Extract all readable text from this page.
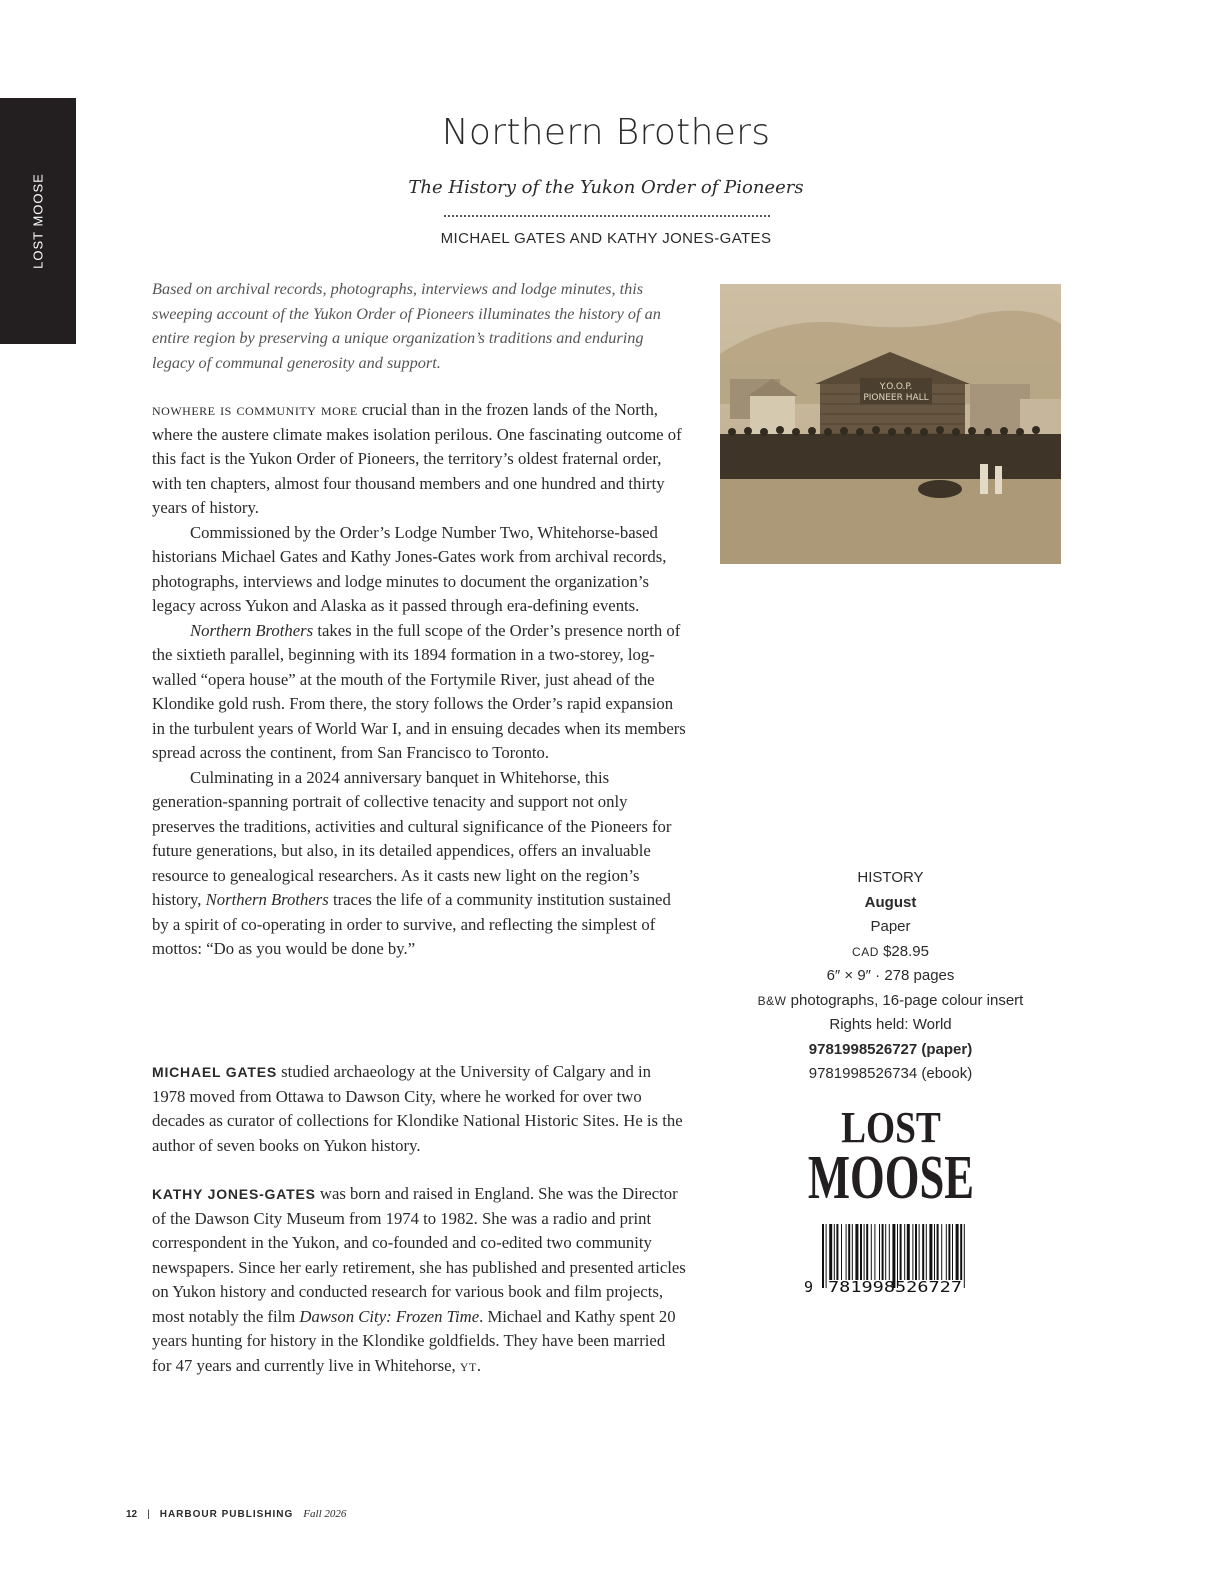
LOST MOOSE
Northern Brothers
The History of the Yukon Order of Pioneers
MICHAEL GATES AND KATHY JONES-GATES
Based on archival records, photographs, interviews and lodge minutes, this sweeping account of the Yukon Order of Pioneers illuminates the history of an entire region by preserving a unique organization’s traditions and enduring legacy of communal generosity and support.

nowhere is community more crucial than in the frozen lands of the North, where the austere climate makes isolation perilous. One fascinating outcome of this fact is the Yukon Order of Pioneers, the territory’s oldest fraternal order, with ten chapters, almost four thousand members and one hundred and thirty years of history.

Commissioned by the Order’s Lodge Number Two, Whitehorse-based historians Michael Gates and Kathy Jones-Gates work from archival records, photographs, interviews and lodge minutes to document the organization’s legacy across Yukon and Alaska as it passed through era-defining events.

Northern Brothers takes in the full scope of the Order’s presence north of the sixtieth parallel, beginning with its 1894 formation in a two-storey, log-walled “opera house” at the mouth of the Fortymile River, just ahead of the Klondike gold rush. From there, the story follows the Order’s rapid expansion in the turbulent years of World War I, and in ensuing decades when its members spread across the continent, from San Francisco to Toronto.

Culminating in a 2024 anniversary banquet in Whitehorse, this generation-spanning portrait of collective tenacity and support not only preserves the traditions, activities and cultural significance of the Pioneers for future generations, but also, in its detailed appendices, offers an invaluable resource to genealogical researchers. As it casts new light on the region’s history, Northern Brothers traces the life of a community institution sustained by a spirit of co-operating in order to survive, and reflecting the simplest of mottos: “Do as you would be done by.”

MICHAEL GATES studied archaeology at the University of Calgary and in 1978 moved from Ottawa to Dawson City, where he worked for over two decades as curator of collections for Klondike National Historic Sites. He is the author of seven books on Yukon history.
KATHY JONES-GATES was born and raised in England. She was the Director of the Dawson City Museum from 1974 to 1982. She was a radio and print correspondent in the Yukon, and co-founded and co-edited two community newspapers. Since her early retirement, she has published and presented articles on Yukon history and conducted research for various book and film projects, most notably the film Dawson City: Frozen Time. Michael and Kathy spent 20 years hunting for history in the Klondike goldfields. They have been married for 47 years and currently live in Whitehorse, yt.
Y.O.O.P.
PIONEER HALL
HISTORY
August
Paper
CAD $28.95
6″ × 9″ · 278 pages
B&W photographs, 16-page colour insert
Rights held: World
9781998526727 (paper)
9781998526734 (ebook)
LOST
MOOSE
9 781998526727
12 | HARBOUR PUBLISHING Fall 2026
